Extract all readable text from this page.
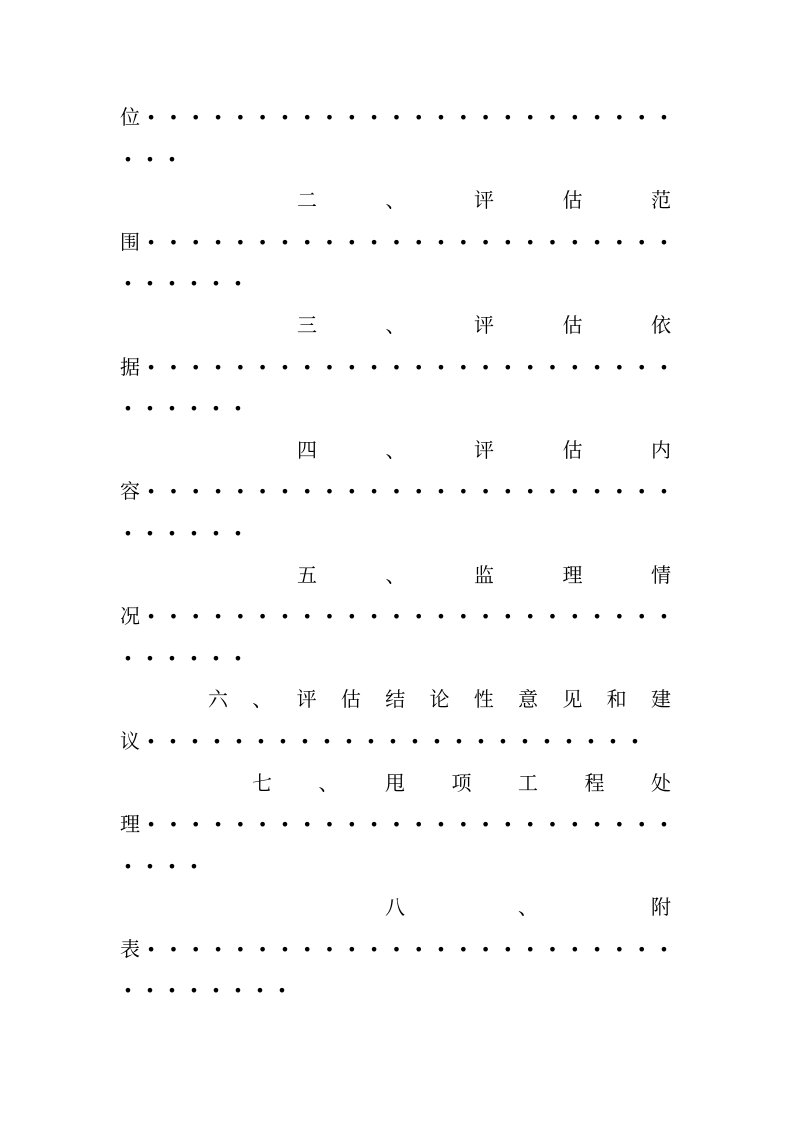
位 • • • • • • • • • • • • • • • • • • • • • • • •
• • •
二	、	评	估	范
围 • • • • • • • • • • • • • • • • • • • • • • • •
• • • • • •
三	、	评	估	依
据 • • • • • • • • • • • • • • • • • • • • • • • •
• • • • • •
四	、	评	估	内
容 • • • • • • • • • • • • • • • • • • • • • • • •
• • • • • •
五	、	监	理	情
况 • • • • • • • • • • • • • • • • • • • • • • • •
• • • • • •
六 、 评 估 结 论 性 意 见 和 建
议 • • • • • • • • • • • • • • • • • • • • • • •
七 、 甩 项 工 程 处
理 • • • • • • • • • • • • • • • • • • • • • • • •
• • • •
八	、	附
表 • • • • • • • • • • • • • • • • • • • • • • • •
• • • • • • • •
